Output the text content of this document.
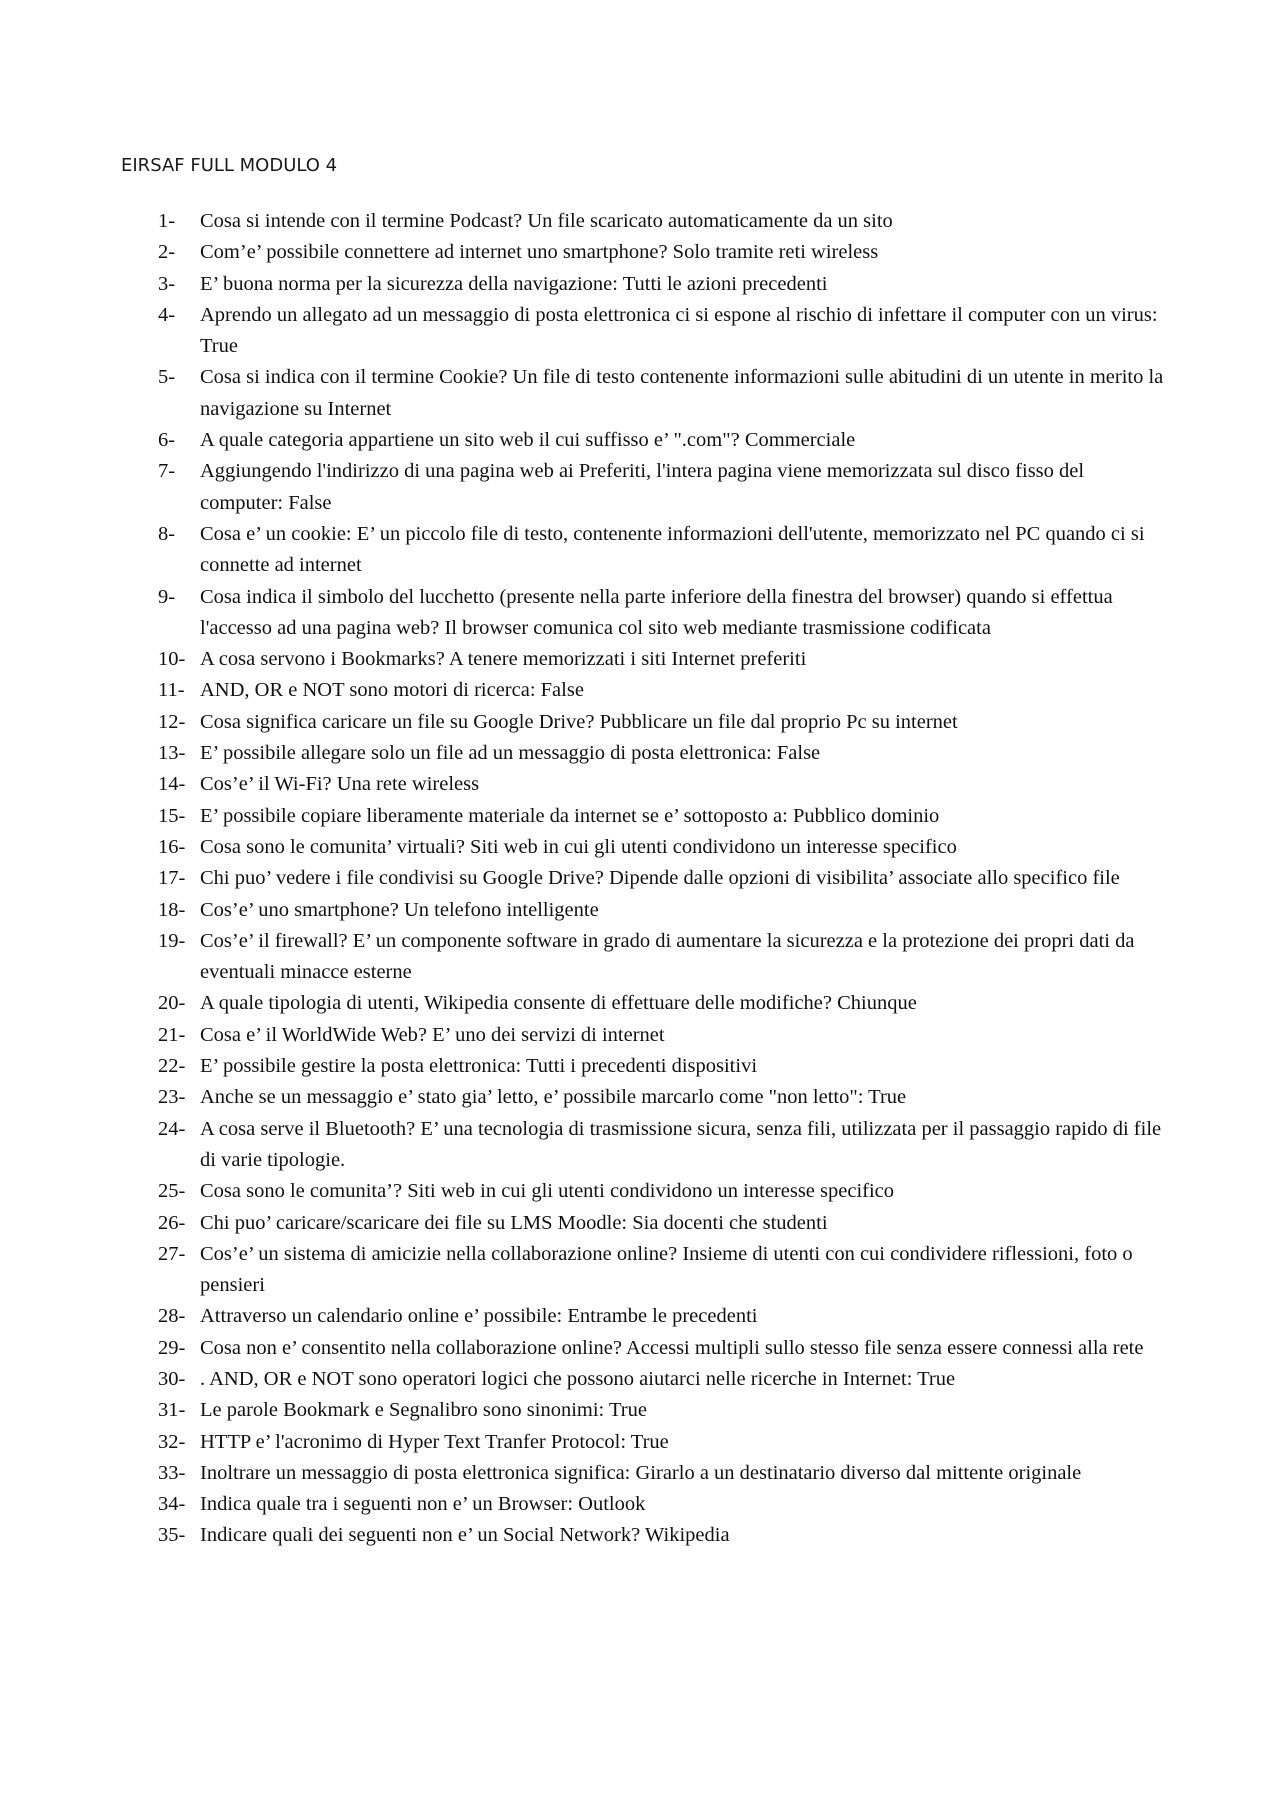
EIRSAF FULL MODULO 4
1-	Cosa si intende con il termine Podcast? Un file scaricato automaticamente da un sito
2-	Com’e’ possibile connettere ad internet uno smartphone? Solo tramite reti wireless
3-	E’ buona norma per la sicurezza della navigazione: Tutti le azioni precedenti
4-	Aprendo un allegato ad un messaggio di posta elettronica ci si espone al rischio di infettare il computer con un virus: True
5-	Cosa si indica con il termine Cookie? Un file di testo contenente informazioni sulle abitudini di un utente in merito la navigazione su Internet
6-	A quale categoria appartiene un sito web il cui suffisso e’ ".com"? Commerciale
7-	Aggiungendo l'indirizzo di una pagina web ai Preferiti, l'intera pagina viene memorizzata sul disco fisso del computer: False
8-	Cosa e’ un cookie: E’ un piccolo file di testo, contenente informazioni dell'utente, memorizzato nel PC quando ci si connette ad internet
9-	Cosa indica il simbolo del lucchetto (presente nella parte inferiore della finestra del browser) quando si effettua l'accesso ad una pagina web? Il browser comunica col sito web mediante trasmissione codificata
10- A cosa servono i Bookmarks? A tenere memorizzati i siti Internet preferiti
11- AND, OR e NOT sono motori di ricerca: False
12- Cosa significa caricare un file su Google Drive? Pubblicare un file dal proprio Pc su internet
13- E’ possibile allegare solo un file ad un messaggio di posta elettronica: False
14- Cos’e’ il Wi-Fi? Una rete wireless
15- E’ possibile copiare liberamente materiale da internet se e’ sottoposto a: Pubblico dominio
16- Cosa sono le comunita’ virtuali? Siti web in cui gli utenti condividono un interesse specifico
17- Chi puo’ vedere i file condivisi su Google Drive? Dipende dalle opzioni di visibilita’ associate allo specifico file
18- Cos’e’ uno smartphone? Un telefono intelligente
19- Cos’e’ il firewall? E’ un componente software in grado di aumentare la sicurezza e la protezione dei propri dati da eventuali minacce esterne
20- A quale tipologia di utenti, Wikipedia consente di effettuare delle modifiche? Chiunque
21- Cosa e’ il WorldWide Web? E’ uno dei servizi di internet
22- E’ possibile gestire la posta elettronica: Tutti i precedenti dispositivi
23- Anche se un messaggio e’ stato gia’ letto, e’ possibile marcarlo come "non letto": True
24- A cosa serve il Bluetooth? E’ una tecnologia di trasmissione sicura, senza fili, utilizzata per il passaggio rapido di file di varie tipologie.
25- Cosa sono le comunita’? Siti web in cui gli utenti condividono un interesse specifico
26- Chi puo’ caricare/scaricare dei file su LMS Moodle: Sia docenti che studenti
27- Cos’e’ un sistema di amicizie nella collaborazione online? Insieme di utenti con cui condividere riflessioni, foto o pensieri
28- Attraverso un calendario online e’ possibile: Entrambe le precedenti
29- Cosa non e’ consentito nella collaborazione online? Accessi multipli sullo stesso file senza essere connessi alla rete
30- . AND, OR e NOT sono operatori logici che possono aiutarci nelle ricerche in Internet: True
31- Le parole Bookmark e Segnalibro sono sinonimi: True
32- HTTP e’ l'acronimo di Hyper Text Tranfer Protocol: True
33- Inoltrare un messaggio di posta elettronica significa: Girarlo a un destinatario diverso dal mittente originale
34- Indica quale tra i seguenti non e’ un Browser: Outlook
35- Indicare quali dei seguenti non e’ un Social Network? Wikipedia
